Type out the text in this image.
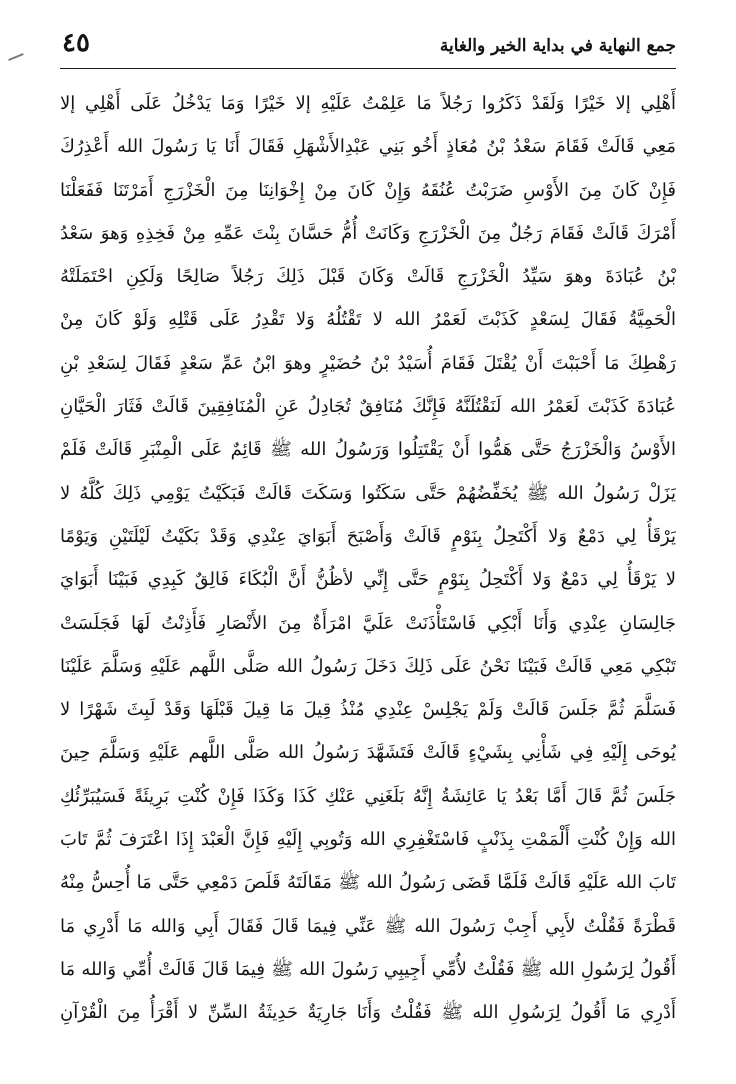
جمع النهاية في بداية الخير والغاية
٤٥
أَهْلِي إلا خَيْرًا وَلَقَدْ ذَكَرُوا رَجُلاً مَا عَلِمْتُ عَلَيْهِ إلا خَيْرًا وَمَا يَدْخُلُ عَلَى أَهْلِي إلا
مَعِي قَالَتْ فَقَامَ سَعْدُ بْنُ مُعَاذٍ أَخُو بَنِي عَبْدِالأَشْهَلِ فَقَالَ أَنَا يَا رَسُولَ الله أَعْذِرُكَ
فَإِنْ كَانَ مِنَ الأَوْسِ ضَرَبْتُ عُنُقَهُ وَإِنْ كَانَ مِنْ إِخْوَانِنَا مِنَ الْخَزْرَجِ أَمَرْتَنَا فَفَعَلْنَا
أَمْرَكَ قَالَتْ فَقَامَ رَجُلٌ مِنَ الْخَزْرَجِ وَكَانَتْ أُمُّ حَسَّانَ بِنْتَ عَمِّهِ مِنْ فَخِذِهِ وَهوَ سَعْدُ
بْنُ عُبَادَةَ وهوَ سَيِّدُ الْخَزْرَجِ قَالَتْ وَكَانَ قَبْلَ ذَلِكَ رَجُلاً صَالِحًا وَلَكِنِ احْتَمَلَتْهُ
الْحَمِيَّةُ فَقَالَ لِسَعْدٍ كَذَبْتَ لَعَمْرُ الله لا تَقْتُلُهُ وَلا تَقْدِرُ عَلَى قَتْلِهِ وَلَوْ كَانَ مِنْ
رَهْطِكَ مَا أَحْبَبْتَ أَنْ يُقْتَلَ فَقَامَ أُسَيْدُ بْنُ حُضَيْرٍ وهوَ ابْنُ عَمِّ سَعْدٍ فَقَالَ لِسَعْدِ بْنِ
عُبَادَةَ كَذَبْتَ لَعَمْرُ الله لَنَقْتُلَنَّهُ فَإِنَّكَ مُنَافِقٌ تُجَادِلُ عَنِ الْمُنَافِقِينَ قَالَتْ فَثَارَ الْحَيَّانِ
الأَوْسُ وَالْخَزْرَجُ حَتَّى هَمُّوا أَنْ يَقْتَتِلُوا وَرَسُولُ الله ﷺ قَائِمٌ عَلَى الْمِنْبَرِ قَالَتْ فَلَمْ
يَزَلْ رَسُولُ الله ﷺ يُخَفِّضُهُمْ حَتَّى سَكَتُوا وَسَكَتَ قَالَتْ فَبَكَيْتُ يَوْمِي ذَلِكَ كُلَّهُ لا
يَرْقَأُ لِي دَمْعٌ وَلا أَكْتَحِلُ بِنَوْمٍ قَالَتْ وَأَصْبَحَ أَبَوَايَ عِنْدِي وَقَدْ بَكَيْتُ لَيْلَتَيْنِ وَيَوْمًا
لا يَرْقَأُ لِي دَمْعٌ وَلا أَكْتَحِلُ بِنَوْمٍ حَتَّى إِنِّي لأظُنُّ أَنَّ الْبُكَاءَ فَالِقٌ كَبِدِي فَبَيْنَا أَبَوَايَ
جَالِسَانِ عِنْدِي وَأَنَا أَبْكِي فَاسْتَأْذَنَتْ عَلَيَّ امْرَأَةٌ مِنَ الأَنْصَارِ فَأَذِنْتُ لَهَا فَجَلَسَتْ
تَبْكِي مَعِي قَالَتْ فَبَيْنَا نَحْنُ عَلَى ذَلِكَ دَخَلَ رَسُولُ الله صَلَّى اللَّهم عَلَيْهِ وَسَلَّمَ عَلَيْنَا
فَسَلَّمَ ثُمَّ جَلَسَ قَالَتْ وَلَمْ يَجْلِسْ عِنْدِي مُنْذُ قِيلَ مَا قِيلَ قَبْلَهَا وَقَدْ لَبِثَ شَهْرًا لا
يُوحَى إِلَيْهِ فِي شَأْنِي بِشَيْءٍ قَالَتْ فَتَشَهَّدَ رَسُولُ الله صَلَّى اللَّهم عَلَيْهِ وَسَلَّمَ حِينَ
جَلَسَ ثُمَّ قَالَ أَمَّا بَعْدُ يَا عَائِشَةُ إِنَّهُ بَلَغَنِي عَنْكِ كَذَا وَكَذَا فَإِنْ كُنْتِ بَرِيئَةً فَسَيُبَرِّئُكِ
الله وَإِنْ كُنْتِ أَلْمَمْتِ بِذَنْبٍ فَاسْتَغْفِرِي الله وَتُوبِي إِلَيْهِ فَإِنَّ الْعَبْدَ إِذَا اعْتَرَفَ ثُمَّ تَابَ
تَابَ الله عَلَيْهِ قَالَتْ فَلَمَّا قَضَى رَسُولُ الله ﷺ مَقَالَتَهُ قَلَصَ دَمْعِي حَتَّى مَا أُحِسُّ مِنْهُ
قَطْرَةً فَقُلْتُ لأَبِي أَجِبْ رَسُولَ الله ﷺ عَنِّي فِيمَا قَالَ فَقَالَ أَبِي وَالله مَا أَدْرِي مَا
أَقُولُ لِرَسُولِ الله ﷺ فَقُلْتُ لأُمِّي أَجِيبِي رَسُولَ الله ﷺ فِيمَا قَالَ قَالَتْ أُمِّي وَالله مَا
أَدْرِي مَا أَقُولُ لِرَسُولِ الله ﷺ فَقُلْتُ وَأَنَا جَارِيَةٌ حَدِيثَةُ السِّنِّ لا أَقْرَأُ مِنَ الْقُرْآنِ
